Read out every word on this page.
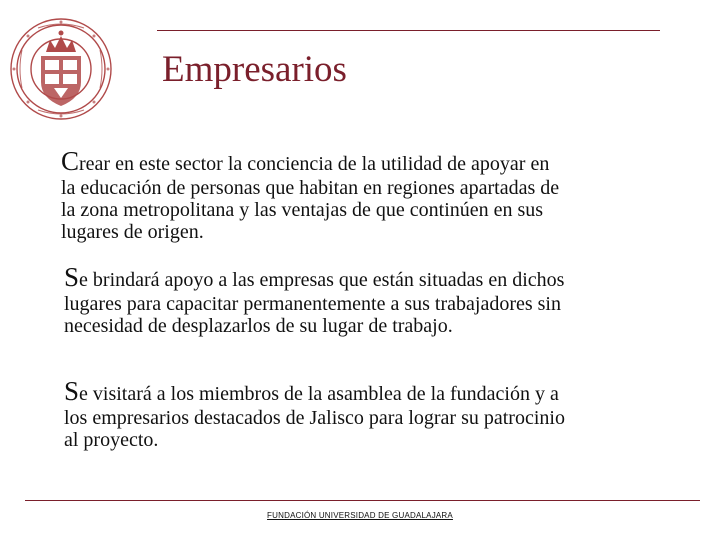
Empresarios
Crear en este sector la conciencia de la utilidad de apoyar en
la educación de personas que habitan en regiones apartadas de
la zona metropolitana y las ventajas de que continúen en sus
lugares de origen.
Se brindará apoyo a las empresas que están situadas en dichos
lugares para capacitar permanentemente a sus trabajadores sin
necesidad de desplazarlos de su lugar de trabajo.
Se visitará a los miembros de la asamblea de la fundación y a
los empresarios destacados de Jalisco para lograr su patrocinio
al proyecto.
FUNDACIÓN UNIVERSIDAD DE GUADALAJARA
